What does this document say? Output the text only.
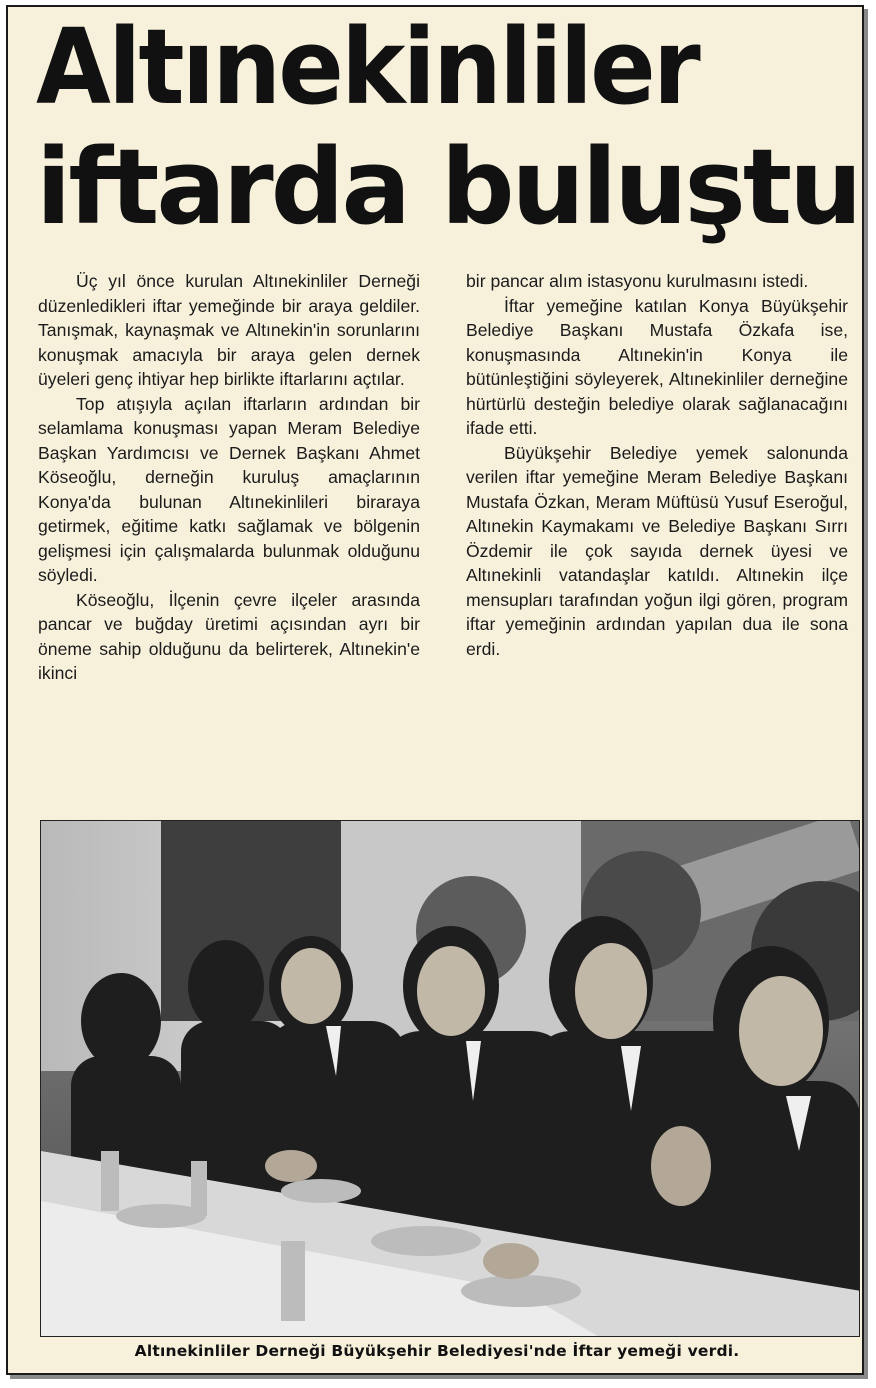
Altınekinliler
iftarda buluştu

Üç yıl önce kurulan Altınekinliler Derneği düzenledikleri iftar yemeğinde bir araya geldiler. Tanışmak, kaynaşmak ve Altınekin'in sorunlarını konuşmak amacıyla bir araya gelen dernek üyeleri genç ihtiyar hep birlikte iftarlarını açtılar.

Top atışıyla açılan iftarların ardından bir selamlama konuşması yapan Meram Belediye Başkan Yardımcısı ve Dernek Başkanı Ahmet Köseoğlu, derneğin kuruluş amaçlarının Konya'da bulunan Altınekinlileri biraraya getirmek, eğitime katkı sağlamak ve bölgenin gelişmesi için çalışmalarda bulunmak olduğunu söyledi.

Köseoğlu, İlçenin çevre ilçeler arasında pancar ve buğday üretimi açısından ayrı bir öneme sahip olduğunu da belirterek, Altınekin'e ikinci

bir pancar alım istasyonu kurulmasını istedi.

İftar yemeğine katılan Konya Büyükşehir Belediye Başkanı Mustafa Özkafa ise, konuşmasında Altınekin'in Konya ile bütünleştiğini söyleyerek, Altınekinliler derneğine hürtürlü desteğin belediye olarak sağlanacağını ifade etti.

Büyükşehir Belediye yemek salonunda verilen iftar yemeğine Meram Belediye Başkanı Mustafa Özkan, Meram Müftüsü Yusuf Eseroğul, Altınekin Kaymakamı ve Belediye Başkanı Sırrı Özdemir ile çok sayıda dernek üyesi ve Altınekinli vatandaşlar katıldı. Altınekin ilçe mensupları tarafından yoğun ilgi gören, program iftar yemeğinin ardından yapılan dua ile sona erdi.

Altınekinliler Derneği Büyükşehir Belediyesi'nde İftar yemeği verdi.
